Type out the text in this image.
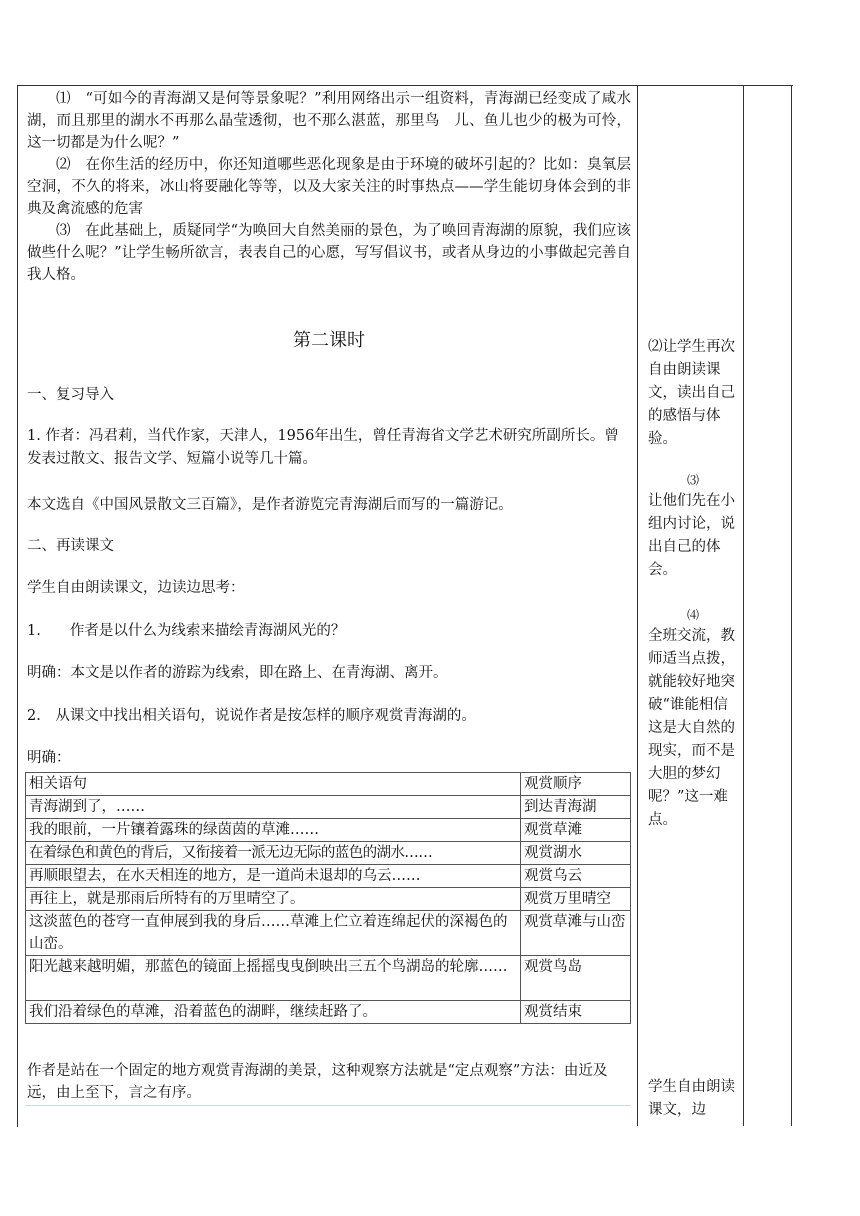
⑴　“可如今的青海湖又是何等景象呢？”利用网络出示一组资料，青海湖已经变成了咸水湖，而且那里的湖水不再那么晶莹透彻，也不那么湛蓝，那里鸟　儿、鱼儿也少的极为可怜，这一切都是为什么呢？”

⑵　在你生活的经历中，你还知道哪些恶化现象是由于环境的破坏引起的？比如：臭氧层空洞，不久的将来，冰山将要融化等等，以及大家关注的时事热点——学生能切身体会到的非典及禽流感的危害

⑶　在此基础上，质疑同学“为唤回大自然美丽的景色，为了唤回青海湖的原貌，我们应该做些什么呢？”让学生畅所欲言，表表自己的心愿，写写倡议书，或者从身边的小事做起完善自我人格。

第二课时

一、复习导入

1. 作者：冯君莉，当代作家，天津人，1956年出生，曾任青海省文学艺术研究所副所长。曾发表过散文、报告文学、短篇小说等几十篇。

本文选自《中国风景散文三百篇》，是作者游览完青海湖后而写的一篇游记。

二、再读课文

学生自由朗读课文，边读边思考：

1.　　作者是以什么为线索来描绘青海湖风光的？

明确：本文是以作者的游踪为线索，即在路上、在青海湖、离开。

2.　从课文中找出相关语句，说说作者是按怎样的顺序观赏青海湖的。

明确：

相关语句	观赏顺序
青海湖到了，……	到达青海湖
我的眼前，一片镶着露珠的绿茵茵的草滩……	观赏草滩
在着绿色和黄色的背后，又衔接着一派无边无际的蓝色的湖水……	观赏湖水
再顺眼望去，在水天相连的地方，是一道尚未退却的乌云……	观赏乌云
再往上，就是那雨后所特有的万里晴空了。	观赏万里晴空
这淡蓝色的苍穹一直伸展到我的身后……草滩上伫立着连绵起伏的深褐色的山峦。	观赏草滩与山峦
阳光越来越明媚，那蓝色的镜面上摇摇曳曳倒映出三五个鸟湖岛的轮廓……	观赏鸟岛
我们沿着绿色的草滩，沿着蓝色的湖畔，继续赶路了。	观赏结束

作者是站在一个固定的地方观赏青海湖的美景，这种观察方法就是“定点观察”方法：由近及远，由上至下，言之有序。

⑵让学生再次自由朗读课文，读出自己的感悟与体验。

⑶
让他们先在小组内讨论，说出自己的体会。

⑷
全班交流，教师适当点拨，就能较好地突破“谁能相信这是大自然的现实，而不是大胆的梦幻呢？”这一难点。

学生自由朗读课文，边
